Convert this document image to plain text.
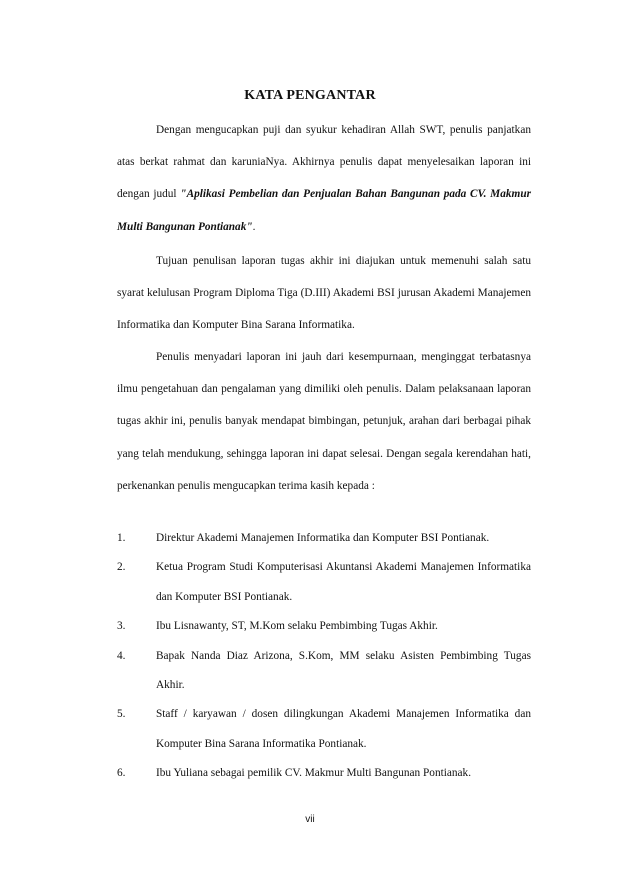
KATA PENGANTAR

Dengan mengucapkan puji dan syukur kehadiran Allah SWT, penulis panjatkan atas berkat rahmat dan karuniaNya. Akhirnya penulis dapat menyelesaikan laporan ini dengan judul "Aplikasi Pembelian dan Penjualan Bahan Bangunan pada CV. Makmur Multi Bangunan Pontianak".

Tujuan penulisan laporan tugas akhir ini diajukan untuk memenuhi salah satu syarat kelulusan Program Diploma Tiga (D.III) Akademi BSI jurusan Akademi Manajemen Informatika dan Komputer Bina Sarana Informatika.

Penulis menyadari laporan ini jauh dari kesempurnaan, menginggat terbatasnya ilmu pengetahuan dan pengalaman yang dimiliki oleh penulis. Dalam pelaksanaan laporan tugas akhir ini, penulis banyak mendapat bimbingan, petunjuk, arahan dari berbagai pihak yang telah mendukung, sehingga laporan ini dapat selesai. Dengan segala kerendahan hati, perkenankan penulis mengucapkan terima kasih kepada :

1.	Direktur Akademi Manajemen Informatika dan Komputer BSI Pontianak.
2.	Ketua Program Studi Komputerisasi Akuntansi Akademi Manajemen Informatika dan Komputer BSI Pontianak.
3.	Ibu Lisnawanty, ST, M.Kom selaku Pembimbing Tugas Akhir.
4.	Bapak Nanda Diaz Arizona, S.Kom, MM selaku Asisten Pembimbing Tugas Akhir.
5.	Staff / karyawan / dosen dilingkungan Akademi Manajemen Informatika dan Komputer Bina Sarana Informatika Pontianak.
6.	Ibu Yuliana sebagai pemilik CV. Makmur Multi Bangunan Pontianak.
vii
